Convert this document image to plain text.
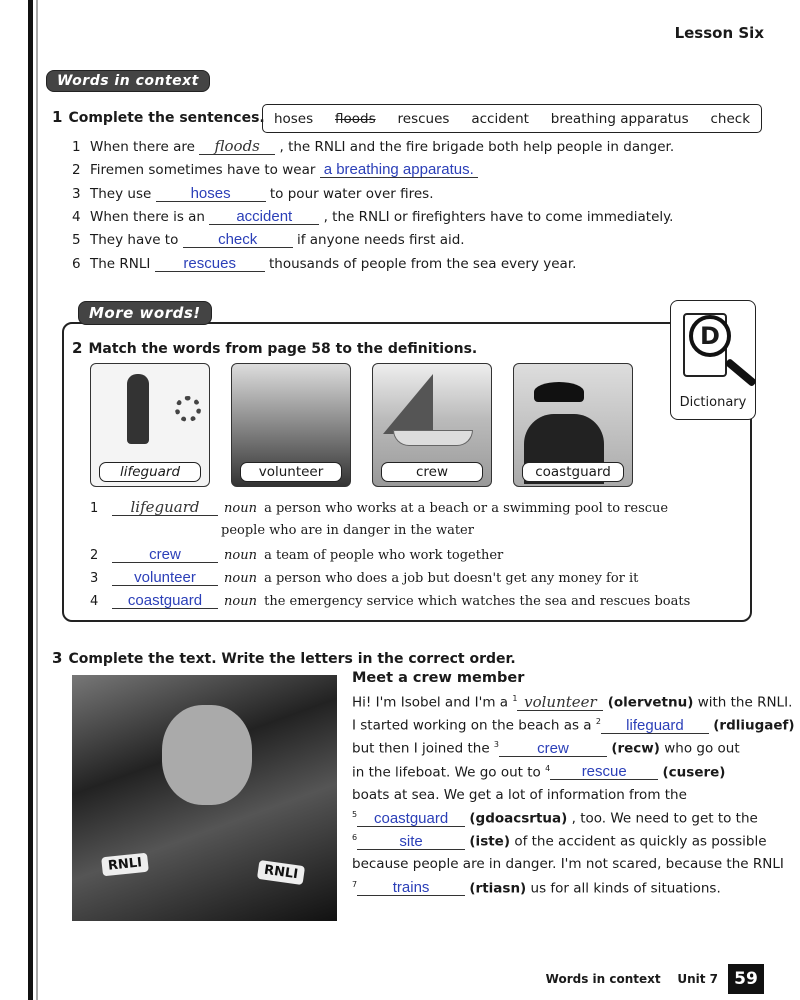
Lesson Six
Words in context
1 Complete the sentences. hoses floods rescues accident breathing apparatus check
1 When there are floods , the RNLI and the fire brigade both help people in danger.
2 Firemen sometimes have to wear a breathing apparatus.
3 They use	hoses	to pour water over fires.
4 When there is an accident , the RNLI or firefighters have to come immediately.
5 They have to	check	if anyone needs first aid.
6 The RNLI rescues thousands of people from the sea every year.
More words!
D
Dictionary
2 Match the words from page 58 to the definitions.
lifeguard	volunteer	crew	coastguard
1 lifeguard noun a person who works at a beach or a swimming pool to rescue
people who are in danger in the water
2	crew	noun a team of people who work together
3 volunteer noun a person who does a job but doesn't get any money for it
4 coastguard noun the emergency service which watches the sea and rescues boats
3 Complete the text. Write the letters in the correct order.
RNLI	RNLI
Meet a crew member
Hi! I'm Isobel and I'm a $^1$ volunteer (olervetnu) with the RNLI.
I started working on the beach as a $^2$ lifeguard (rdliugaef)
but then I joined the $^3$	crew	(recw) who go out
in the lifeboat. We go out to $^4$ rescue	(cusere)
boats at sea. We get a lot of information from the
$^5$ coastguard (gdoacsrtua) , too. We need to get to the
$^6$	site	(iste) of the accident as quickly as possible
because people are in danger. I'm not scared, because the RNLI
$^7$ trains	(rtiasn) us for all kinds of situations.
Words in context Unit 7 59
